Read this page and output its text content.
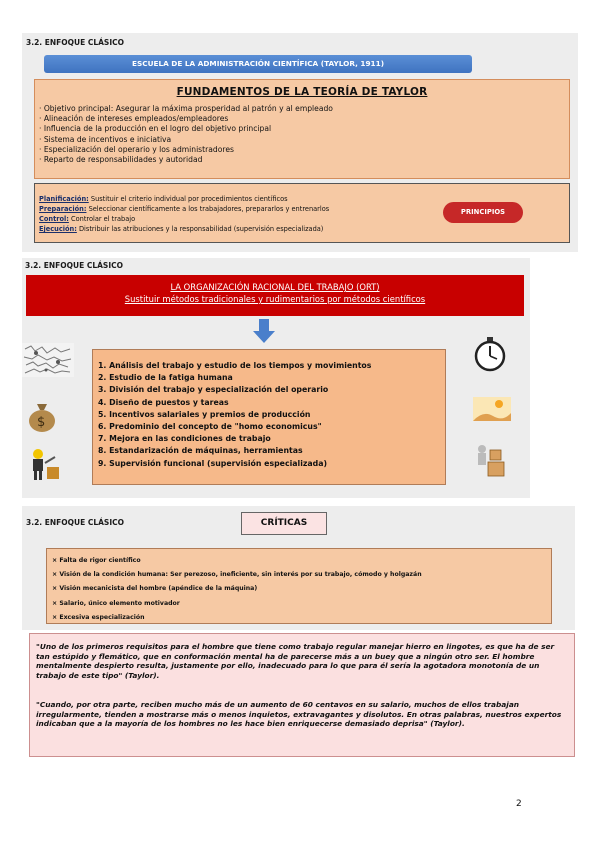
3.2. ENFOQUE CLÁSICO
ESCUELA DE LA ADMINISTRACIÓN CIENTÍFICA (TAYLOR, 1911)
FUNDAMENTOS DE LA TEORÍA DE TAYLOR
· Objetivo principal: Asegurar la máxima prosperidad al patrón y al empleado
· Alineación de intereses empleados/empleadores
· Influencia de la producción en el logro del objetivo principal
· Sistema de incentivos e iniciativa
· Especialización del operario y los administradores
· Reparto de responsabilidades y autoridad
Planificación: Sustituir el criterio individual por procedimientos científicos
Preparación: Seleccionar científicamente a los trabajadores, prepararlos y entrenarlos
Control: Controlar el trabajo
Ejecución: Distribuir las atribuciones y la responsabilidad (supervisión especializada)
PRINCIPIOS
3.2. ENFOQUE CLÁSICO
LA ORGANIZACIÓN RACIONAL DEL TRABAJO (ORT)
Sustituir métodos tradicionales y rudimentarios por métodos científicos
$
1. Análisis del trabajo y estudio de los tiempos y movimientos
2. Estudio de la fatiga humana
3. División del trabajo y especialización del operario
4. Diseño de puestos y tareas
5. Incentivos salariales y premios de producción
6. Predominio del concepto de "homo economicus"
7. Mejora en las condiciones de trabajo
8. Estandarización de máquinas, herramientas
9. Supervisión funcional (supervisión especializada)
3.2. ENFOQUE CLÁSICO	CRÍTICAS
× Falta de rigor científico
× Visión de la condición humana: Ser perezoso, ineficiente, sin interés por su trabajo, cómodo y holgazán
× Visión mecanicista del hombre (apéndice de la máquina)
× Salario, único elemento motivador
× Excesiva especialización
"Uno de los primeros requisitos para el hombre que tiene como trabajo regular manejar hierro en lingotes, es que ha de ser tan estúpido y flemático, que en conformación mental ha de parecerse más a un buey que a ningún otro ser. El hombre mentalmente despierto resulta, justamente por ello, inadecuado para lo que para él sería la agotadora monotonía de un trabajo de este tipo" (Taylor).
"Cuando, por otra parte, reciben mucho más de un aumento de 60 centavos en su salario, muchos de ellos trabajan irregularmente, tienden a mostrarse más o menos inquietos, extravagantes y disolutos. En otras palabras, nuestros expertos indicaban que a la mayoría de los hombres no les hace bien enriquecerse demasiado deprisa" (Taylor).
2
